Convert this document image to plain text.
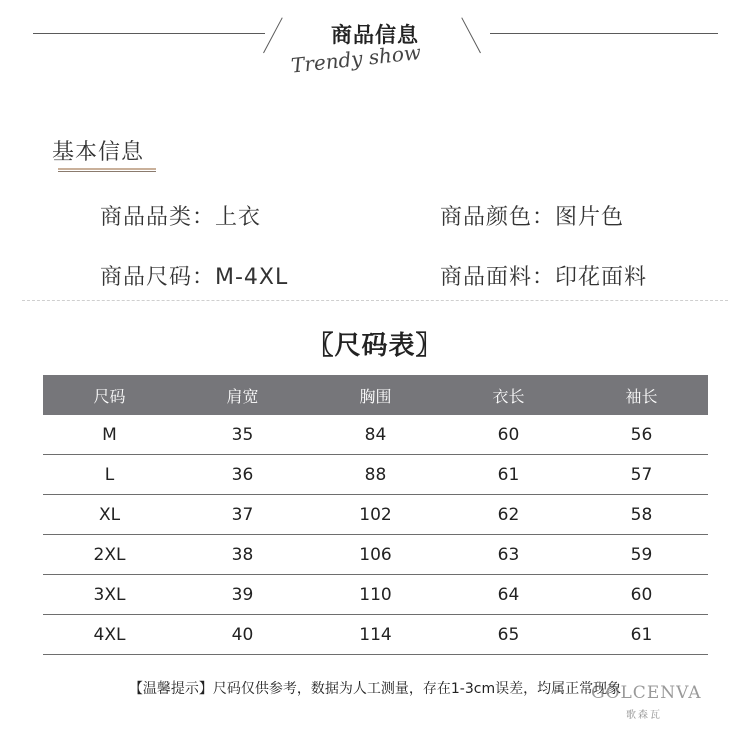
商品信息
Trendy show
基本信息
商品品类：上衣	商品颜色：图片色
商品尺码：M-4XL	商品面料：印花面料
〖尺码表〗
尺码	肩宽	胸围	衣长	袖长
M	35	84	60	56
L	36	88	61	57
XL	37	102	62	58
2XL	38	106	63	59
3XL	39	110	64	60
4XL	40	114	65	61
【温馨提示】尺码仅供参考，数据为人工测量，存在1-3cm误差，均属正常现象
GOLCENVA
歌森瓦
